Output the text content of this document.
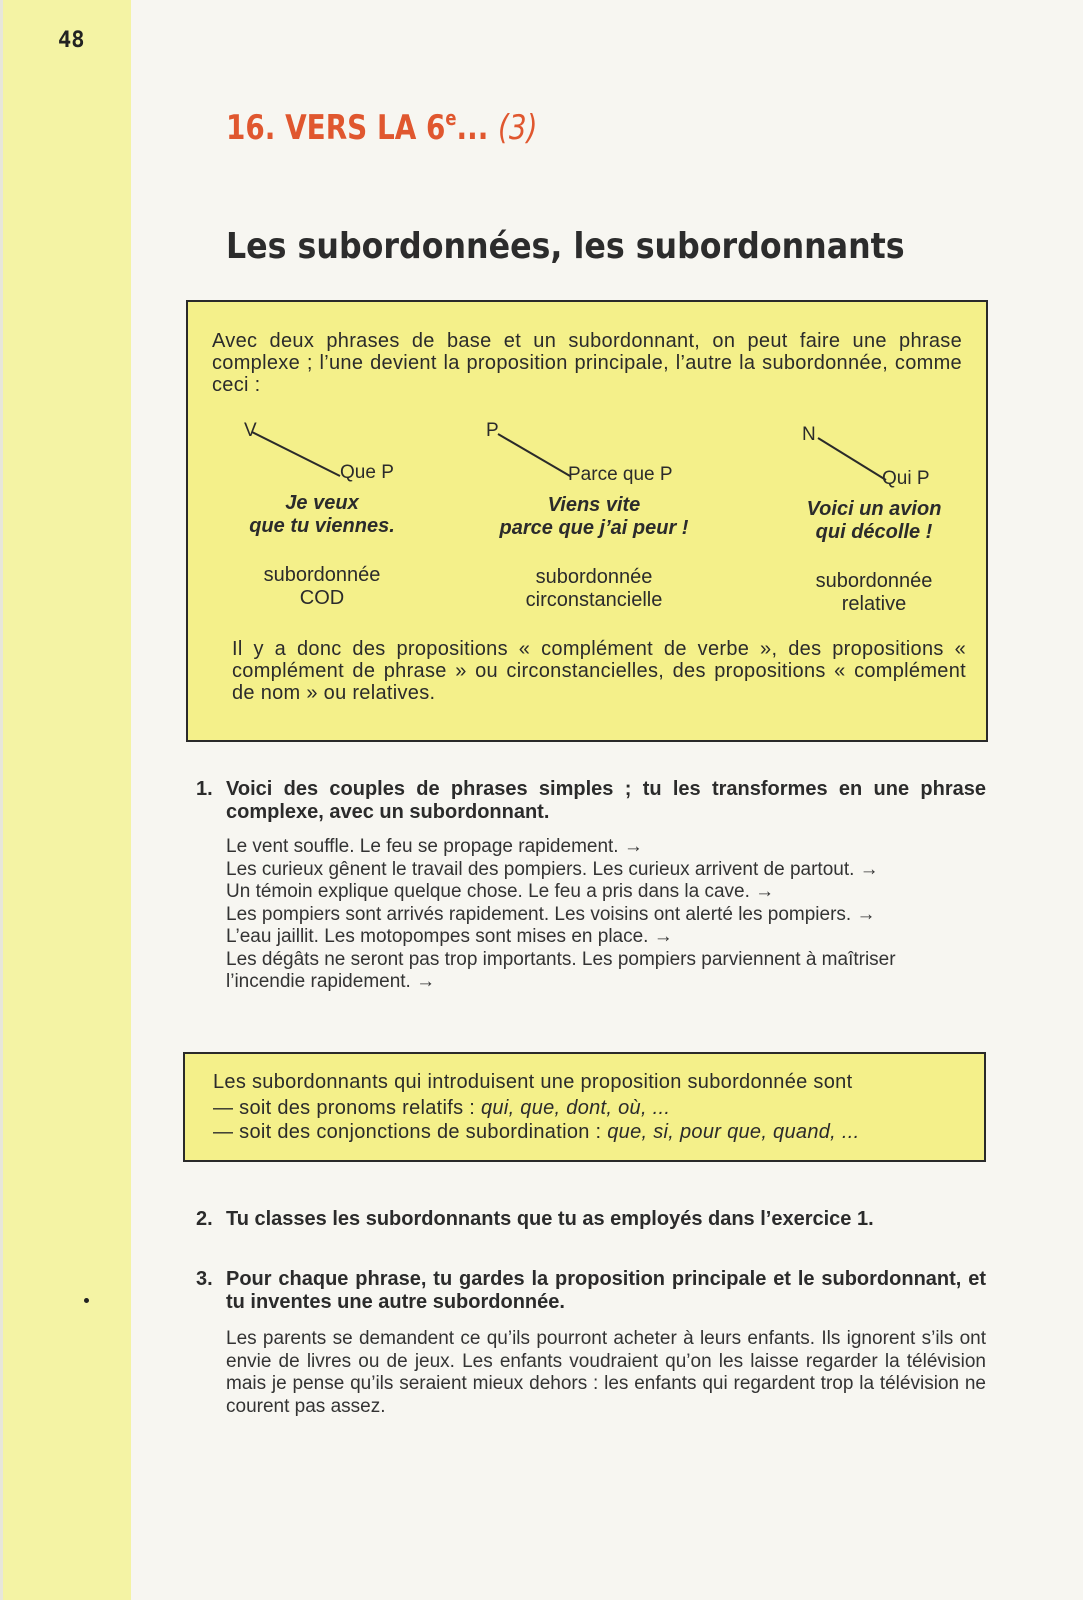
48
16. VERS LA 6e... (3)
Les subordonnées, les subordonnants
Avec deux phrases de base et un subordonnant, on peut faire une phrase complexe ; l’une devient la proposition principale, l’autre la subordonnée, comme ceci :
V
Que P
Je veux
que tu viennes.
subordonnée
COD
P
Parce que P
Viens vite
parce que j’ai peur !
subordonnée
circonstancielle
N
Qui P
Voici un avion
qui décolle !
subordonnée
relative
Il y a donc des propositions « complément de verbe », des propositions « complément de phrase » ou circonstancielles, des propositions « complément de nom » ou relatives.
1. Voici des couples de phrases simples ; tu les transformes en une phrase complexe, avec un subordonnant.
Le vent souffle. Le feu se propage rapidement. →
Les curieux gênent le travail des pompiers. Les curieux arrivent de partout. →
Un témoin explique quelque chose. Le feu a pris dans la cave. →
Les pompiers sont arrivés rapidement. Les voisins ont alerté les pompiers. →
L’eau jaillit. Les motopompes sont mises en place. →
Les dégâts ne seront pas trop importants. Les pompiers parviennent à maîtriser
l’incendie rapidement. →
Les subordonnants qui introduisent une proposition subordonnée sont
— soit des pronoms relatifs : qui, que, dont, où, ...
— soit des conjonctions de subordination : que, si, pour que, quand, ...
2. Tu classes les subordonnants que tu as employés dans l’exercice 1.
3. Pour chaque phrase, tu gardes la proposition principale et le subordonnant, et tu inventes une autre subordonnée.
Les parents se demandent ce qu’ils pourront acheter à leurs enfants. Ils ignorent s’ils ont envie de livres ou de jeux. Les enfants voudraient qu’on les laisse regarder la télévision mais je pense qu’ils seraient mieux dehors : les enfants qui regardent trop la télévision ne courent pas assez.
